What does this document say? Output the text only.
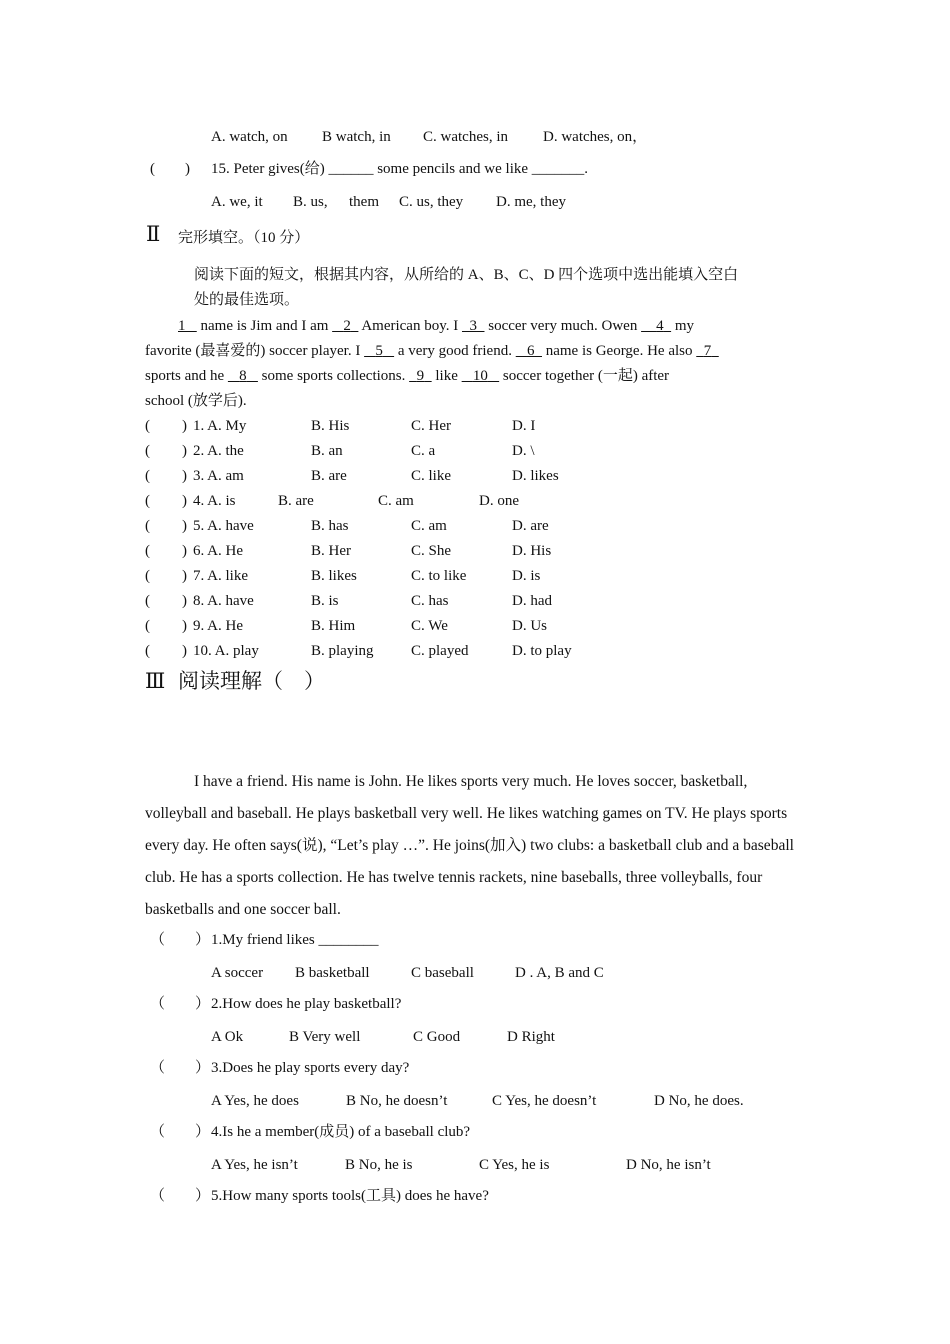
A. watch, on B watch, in C. watches, in D. watches, on，
(　　) 15. Peter gives(给) ______ some pencils and we like _______.
A. we, it B. us, them C. us, they D. me, they
Ⅱ 完形填空。（10 分）
阅读下面的短文，根据其内容，从所给的 A、B、C、D 四个选项中选出能填入空白
处的最佳选项。
1    name is Jim and I am    2   American boy. I   3   soccer very much. Owen     4   my
favorite (最喜爱的) soccer player. I    5    a very good friend.    6   name is George. He also   7
sports and he    8    some sports collections.   9   like    10    soccer together (一起) after
school (放学后).
( ) 1. A. My	B. His	C. Her	D. I
( ) 2. A. the	B. an	C. a	D. \
( ) 3. A. am	B. are	C. like	D. likes
( ) 4. A. is	B. are	C. am	D. one
( ) 5. A. have	B. has	C. am	D. are
( ) 6. A. He	B. Her	C. She	D. His
( ) 7. A. like	B. likes	C. to like	D. is
( ) 8. A. have	B. is	C. has	D. had
( ) 9. A. He	B. Him	C. We	D. Us
( ) 10. A. play	B. playing	C. played	D. to play
Ⅲ 阅读理解（　）
I have a friend. His name is John. He likes sports very much. He loves soccer, basketball, volleyball and baseball. He plays basketball very well. He likes watching games on TV. He plays sports every day. He often says(说), “Let’s play …”. He joins(加入) two clubs: a basketball club and a baseball club. He has a sports collection. He has twelve tennis rackets, nine baseballs, three volleyballs, four basketballs and one soccer ball.
（　　） 1.My friend likes ________
A soccer B basketball	C baseball	D . A, B and C
（　　） 2.How does he play basketball?
A Ok	B Very well	C Good	D Right
（　　） 3.Does he play sports every day?
A Yes, he does	B No, he doesn’t	C Yes, he doesn’t	D No, he does.
（　　） 4.Is he a member(成员) of a baseball club?
A Yes, he isn’t	B No, he is	C Yes, he is	D No, he isn’t
（　　） 5.How many sports tools(工具) does he have?
